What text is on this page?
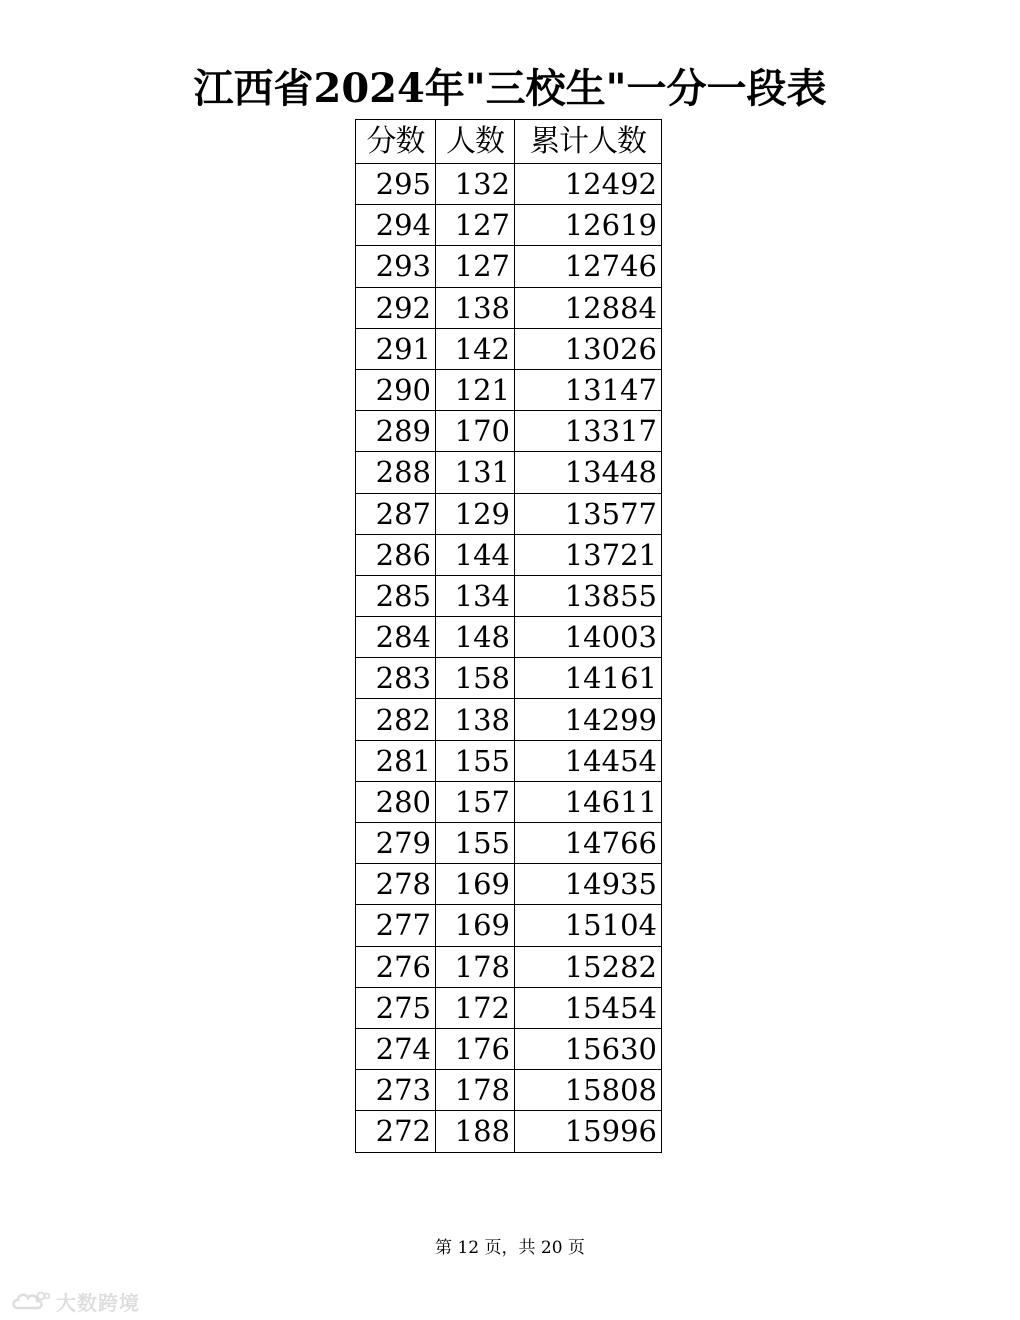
江西省2024年"三校生"一分一段表
分数	人数	累计人数
295	132	12492
294	127	12619
293	127	12746
292	138	12884
291	142	13026
290	121	13147
289	170	13317
288	131	13448
287	129	13577
286	144	13721
285	134	13855
284	148	14003
283	158	14161
282	138	14299
281	155	14454
280	157	14611
279	155	14766
278	169	14935
277	169	15104
276	178	15282
275	172	15454
274	176	15630
273	178	15808
272	188	15996
第 12 页，共 20 页
大数跨境
